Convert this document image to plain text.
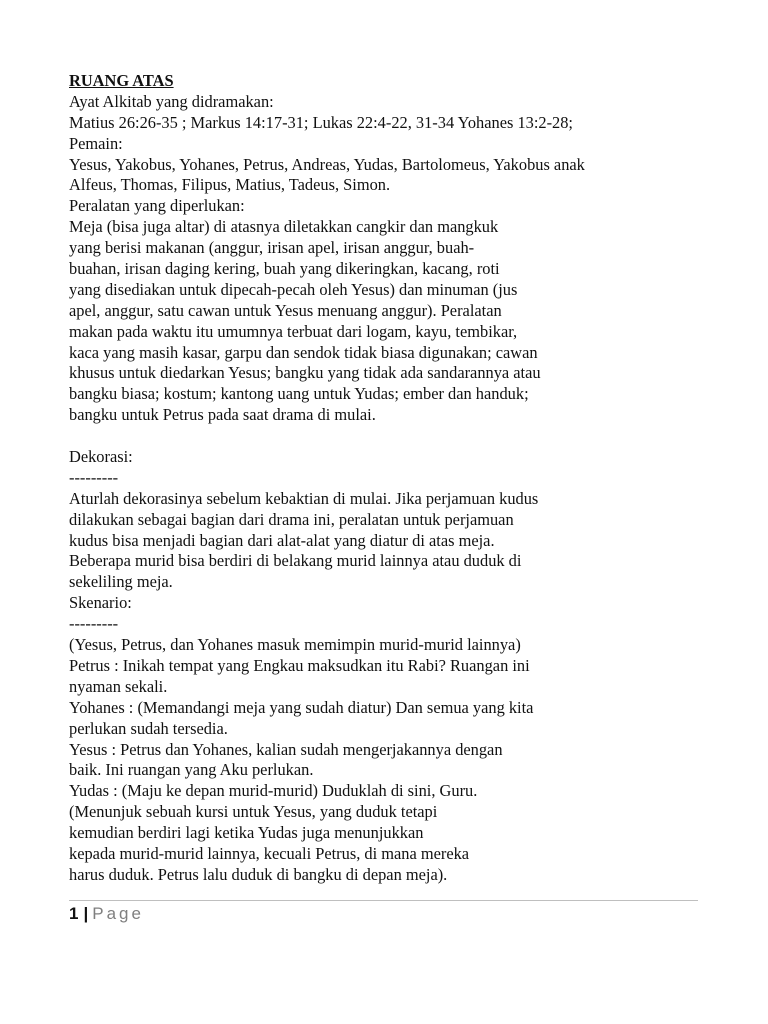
RUANG ATAS
Ayat Alkitab yang didramakan:
Matius 26:26-35 ; Markus 14:17-31; Lukas 22:4-22, 31-34 Yohanes 13:2-28;
Pemain:
Yesus, Yakobus, Yohanes, Petrus, Andreas, Yudas, Bartolomeus, Yakobus anak
Alfeus, Thomas, Filipus, Matius, Tadeus, Simon.
Peralatan yang diperlukan:
Meja (bisa juga altar) di atasnya diletakkan cangkir dan mangkuk
yang berisi makanan (anggur, irisan apel, irisan anggur, buah-
buahan, irisan daging kering, buah yang dikeringkan, kacang, roti
yang disediakan untuk dipecah-pecah oleh Yesus) dan minuman (jus
apel, anggur, satu cawan untuk Yesus menuang anggur). Peralatan
makan pada waktu itu umumnya terbuat dari logam, kayu, tembikar,
kaca yang masih kasar, garpu dan sendok tidak biasa digunakan; cawan
khusus untuk diedarkan Yesus; bangku yang tidak ada sandarannya atau
bangku biasa; kostum; kantong uang untuk Yudas; ember dan handuk;
bangku untuk Petrus pada saat drama di mulai.
Dekorasi:
---------
Aturlah dekorasinya sebelum kebaktian di mulai. Jika perjamuan kudus
dilakukan sebagai bagian dari drama ini, peralatan untuk perjamuan
kudus bisa menjadi bagian dari alat-alat yang diatur di atas meja.
Beberapa murid bisa berdiri di belakang murid lainnya atau duduk di
sekeliling meja.
Skenario:
---------
(Yesus, Petrus, dan Yohanes masuk memimpin murid-murid lainnya)
Petrus : Inikah tempat yang Engkau maksudkan itu Rabi? Ruangan ini
nyaman sekali.
Yohanes : (Memandangi meja yang sudah diatur) Dan semua yang kita
perlukan sudah tersedia.
Yesus : Petrus dan Yohanes, kalian sudah mengerjakannya dengan
baik. Ini ruangan yang Aku perlukan.
Yudas : (Maju ke depan murid-murid) Duduklah di sini, Guru.
(Menunjuk sebuah kursi untuk Yesus, yang duduk tetapi
kemudian berdiri lagi ketika Yudas juga menunjukkan
kepada murid-murid lainnya, kecuali Petrus, di mana mereka
harus duduk. Petrus lalu duduk di bangku di depan meja).
1 | Page
